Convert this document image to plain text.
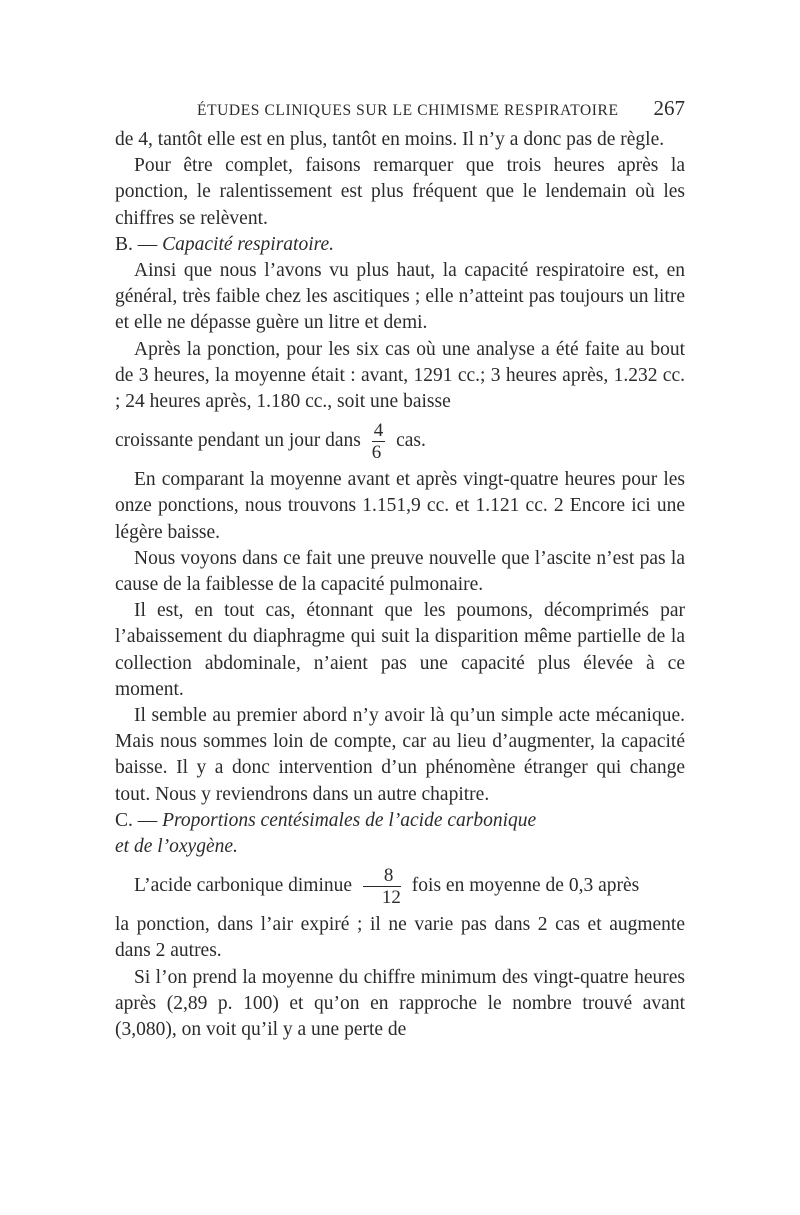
ÉTUDES CLINIQUES SUR LE CHIMISME RESPIRATOIRE 267

de 4, tantôt elle est en plus, tantôt en moins. Il n’y a donc pas de règle.

Pour être complet, faisons remarquer que trois heures après la ponction, le ralentissement est plus fréquent que le lendemain où les chiffres se relèvent.

B. — Capacité respiratoire.

Ainsi que nous l’avons vu plus haut, la capacité respiratoire est, en général, très faible chez les ascitiques ; elle n’atteint pas toujours un litre et elle ne dépasse guère un litre et demi.

Après la ponction, pour les six cas où une analyse a été faite au bout de 3 heures, la moyenne était : avant, 1291 cc.; 3 heures après, 1.232 cc. ; 24 heures après, 1.180 cc., soit une baisse

croissante pendant un jour dans $\frac{4}{6}$ cas.

En comparant la moyenne avant et après vingt-quatre heures pour les onze ponctions, nous trouvons 1.151,9 cc. et 1.121 cc. 2 Encore ici une légère baisse.

Nous voyons dans ce fait une preuve nouvelle que l’ascite n’est pas la cause de la faiblesse de la capacité pulmonaire.

Il est, en tout cas, étonnant que les poumons, décomprimés par l’abaissement du diaphragme qui suit la disparition même partielle de la collection abdominale, n’aient pas une capacité plus élevée à ce moment.

Il semble au premier abord n’y avoir là qu’un simple acte mécanique. Mais nous sommes loin de compte, car au lieu d’augmenter, la capacité baisse. Il y a donc intervention d’un phénomène étranger qui change tout. Nous y reviendrons dans un autre chapitre.

C. — Proportions centésimales de l’acide carbonique

et de l’oxygène.

L’acide carbonique diminue $\frac{8}{12}$ fois en moyenne de 0,3 après

la ponction, dans l’air expiré ; il ne varie pas dans 2 cas et augmente dans 2 autres.

Si l’on prend la moyenne du chiffre minimum des vingt-quatre heures après (2,89 p. 100) et qu’on en rapproche le nombre trouvé avant (3,080), on voit qu’il y a une perte de
